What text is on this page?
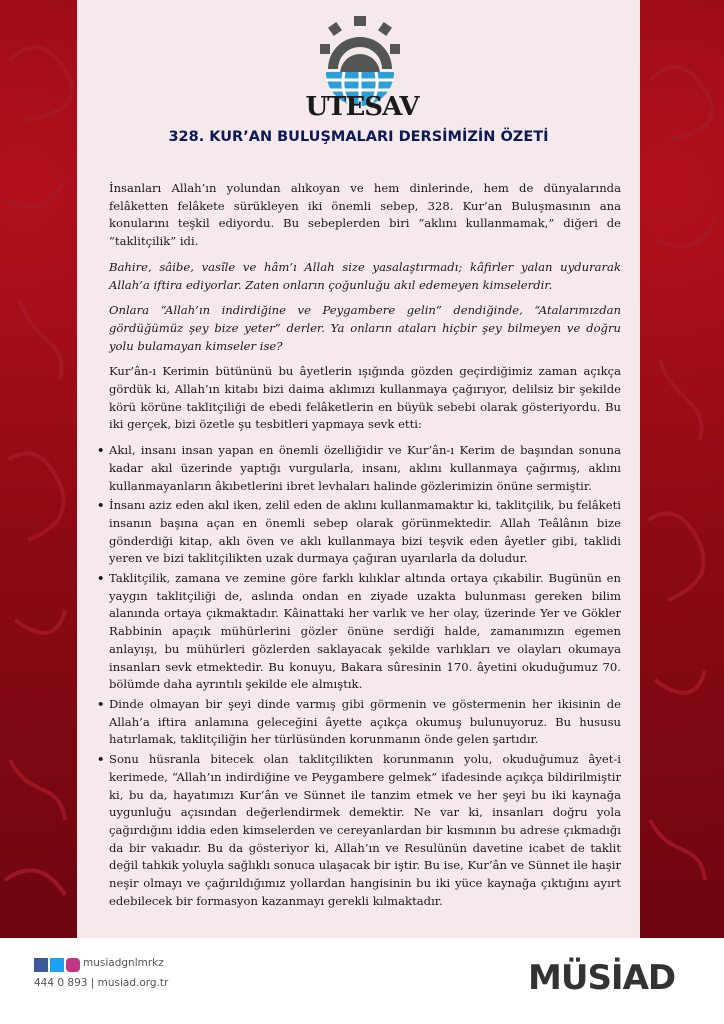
UTESAV
328. KUR’AN BULUŞMALARI DERSİMİZİN ÖZETİ

İnsanları Allah’ın yolundan alıkoyan ve hem dinlerinde, hem de dünyalarında felâketten felâkete sürükleyen iki önemli sebep, 328. Kur’an Buluşmasının ana konularını teşkil ediyordu. Bu sebeplerden biri “aklını kullanmamak,” diğeri de “taklitçilik” idi.

Bahire, sâibe, vasîle ve hâm’ı Allah size yasalaştırmadı; kâfirler yalan uydurarak Allah’a iftira ediyorlar. Zaten onların çoğunluğu akıl edemeyen kimselerdir.

Onlara “Allah’ın indirdiğine ve Peygambere gelin” dendiğinde, “Atalarımızdan gördüğümüz şey bize yeter” derler. Ya onların ataları hiçbir şey bilmeyen ve doğru yolu bulamayan kimseler ise?

Kur’ân-ı Kerimin bütününü bu âyetlerin ışığında gözden geçirdiğimiz zaman açıkça gördük ki, Allah’ın kitabı bizi daima aklımızı kullanmaya çağırıyor, delilsiz bir şekilde körü körüne taklitçiliği de ebedi felâketlerin en büyük sebebi olarak gösteriyordu. Bu iki gerçek, bizi özetle şu tesbitleri yapmaya sevk etti:

• Akıl, insanı insan yapan en önemli özelliğidir ve Kur’ân-ı Kerim de başından sonuna kadar akıl üzerinde yaptığı vurgularla, insanı, aklını kullanmaya çağırmış, aklını kullanmayanların âkıbetlerini ibret levhaları halinde gözlerimizin önüne sermiştir.
• İnsanı aziz eden akıl iken, zelil eden de aklını kullanmamaktır ki, taklitçilik, bu felâketi insanın başına açan en önemli sebep olarak görünmektedir. Allah Teâlânın bize gönderdiği kitap, aklı öven ve aklı kullanmaya bizi teşvik eden âyetler gibi, taklidi yeren ve bizi taklitçilikten uzak durmaya çağıran uyarılarla da doludur.
• Taklitçilik, zamana ve zemine göre farklı kılıklar altında ortaya çıkabilir. Bugünün en yaygın taklitçiliği de, aslında ondan en ziyade uzakta bulunması gereken bilim alanında ortaya çıkmaktadır. Kâinattaki her varlık ve her olay, üzerinde Yer ve Gökler Rabbinin apaçık mühürlerini gözler önüne serdiği halde, zamanımızın egemen anlayışı, bu mühürleri gözlerden saklayacak şekilde varlıkları ve olayları okumaya insanları sevk etmektedir. Bu konuyu, Bakara sûresinin 170. âyetini okuduğumuz 70. bölümde daha ayrıntılı şekilde ele almıştık.
• Dinde olmayan bir şeyi dinde varmış gibi görmenin ve göstermenin her ikisinin de Allah’a iftira anlamına geleceğini âyette açıkça okumuş bulunuyoruz. Bu hususu hatırlamak, taklitçiliğin her türlüsünden korunmanın önde gelen şartıdır.
• Sonu hüsranla bitecek olan taklitçilikten korunmanın yolu, okuduğumuz âyet-i kerimede, “Allah’ın indirdiğine ve Peygambere gelmek” ifadesinde açıkça bildirilmiştir ki, bu da, hayatımızı Kur’ân ve Sünnet ile tanzim etmek ve her şeyi bu iki kaynağa uygunluğu açısından değerlendirmek demektir. Ne var ki, insanları doğru yola çağırdığını iddia eden kimselerden ve cereyanlardan bir kısmının bu adrese çıkmadığı da bir vakıadır. Bu da gösteriyor ki, Allah’ın ve Resulünün davetine icabet de taklit değil tahkik yoluyla sağlıklı sonuca ulaşacak bir iştir. Bu ise, Kur’ân ve Sünnet ile haşir neşir olmayı ve çağırıldığımız yollardan hangisinin bu iki yüce kaynağa çıktığını ayırt edebilecek bir formasyon kazanmayı gerekli kılmaktadır.
musiadgnlmrkz
444 0 893 | musiad.org.tr	MÜSİAD
